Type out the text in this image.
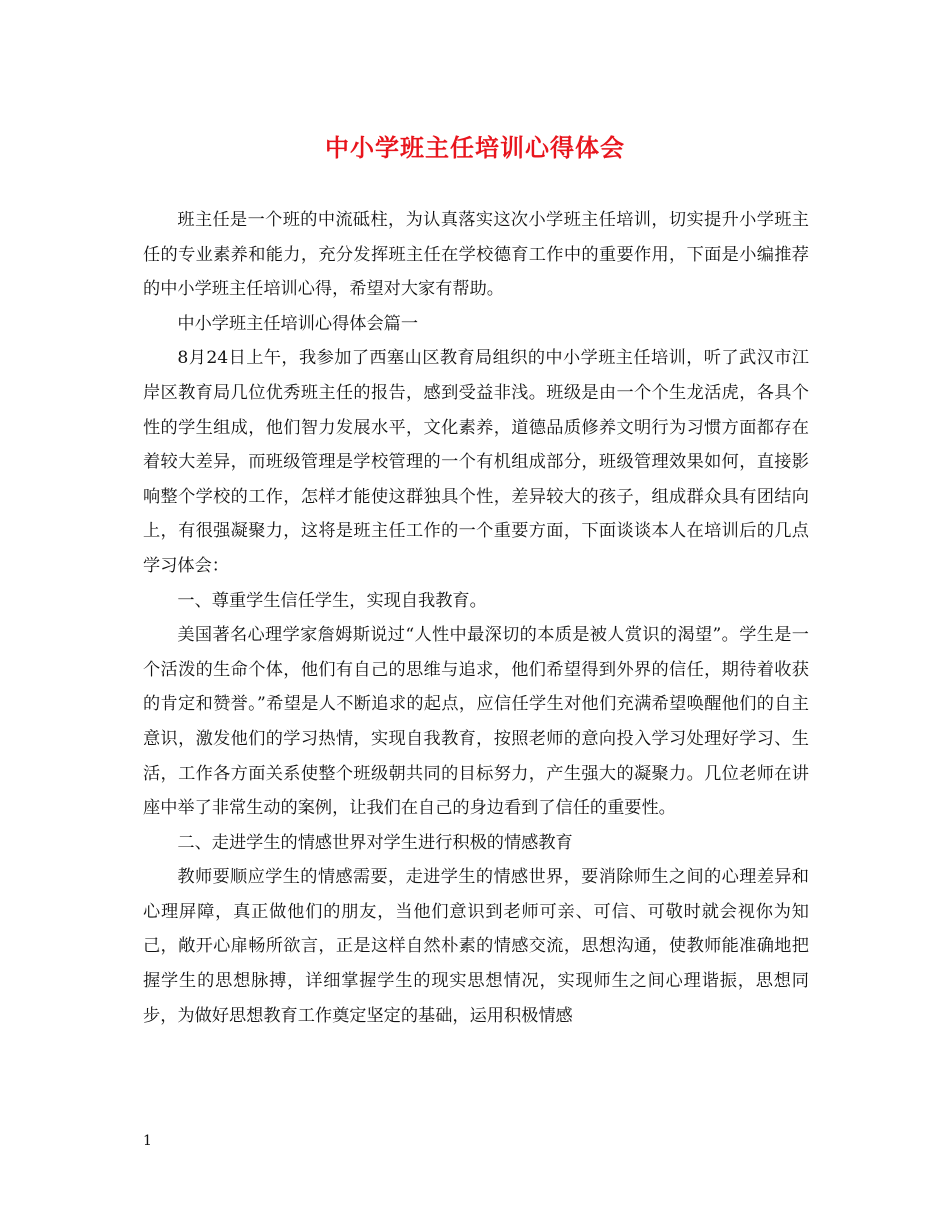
中小学班主任培训心得体会

班主任是一个班的中流砥柱，为认真落实这次小学班主任培训，切实提升小学班主任的专业素养和能力，充分发挥班主任在学校德育工作中的重要作用，下面是小编推荐的中小学班主任培训心得，希望对大家有帮助。

中小学班主任培训心得体会篇一

8月24日上午，我参加了西塞山区教育局组织的中小学班主任培训，听了武汉市江岸区教育局几位优秀班主任的报告，感到受益非浅。班级是由一个个生龙活虎，各具个性的学生组成，他们智力发展水平，文化素养，道德品质修养文明行为习惯方面都存在着较大差异，而班级管理是学校管理的一个有机组成部分，班级管理效果如何，直接影响整个学校的工作，怎样才能使这群独具个性，差异较大的孩子，组成群众具有团结向上，有很强凝聚力，这将是班主任工作的一个重要方面，下面谈谈本人在培训后的几点学习体会：

一、尊重学生信任学生，实现自我教育。

美国著名心理学家詹姆斯说过“人性中最深切的本质是被人赏识的渴望”。学生是一个活泼的生命个体，他们有自己的思维与追求，他们希望得到外界的信任，期待着收获的肯定和赞誉。”希望是人不断追求的起点，应信任学生对他们充满希望唤醒他们的自主意识，激发他们的学习热情，实现自我教育，按照老师的意向投入学习处理好学习、生活，工作各方面关系使整个班级朝共同的目标努力，产生强大的凝聚力。几位老师在讲座中举了非常生动的案例，让我们在自己的身边看到了信任的重要性。

二、走进学生的情感世界对学生进行积极的情感教育

教师要顺应学生的情感需要，走进学生的情感世界，要消除师生之间的心理差异和心理屏障，真正做他们的朋友，当他们意识到老师可亲、可信、可敬时就会视你为知己，敞开心扉畅所欲言，正是这样自然朴素的情感交流，思想沟通，使教师能准确地把握学生的思想脉搏，详细掌握学生的现实思想情况，实现师生之间心理谐振，思想同步，为做好思想教育工作奠定坚定的基础，运用积极情感

1
